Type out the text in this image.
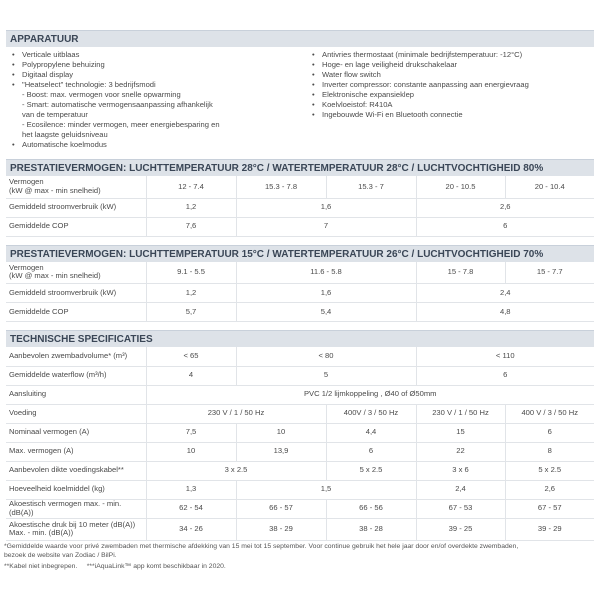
APPARATUUR
• Verticale uitblaas
• Polypropylene behuizing
• Digitaal display
• "Heatselect" technologie: 3 bedrijfsmodi
- Boost: max. vermogen voor snelle opwarming
- Smart: automatische vermogensaanpassing afhankelijk
van de temperatuur
- Ecosilence: minder vermogen, meer energiebesparing en
het laagste geluidsniveau
• Automatische koelmodus
• Antivries thermostaat (minimale bedrijfstemperatuur: -12°C)
• Hoge- en lage veiligheid drukschakelaar
• Water flow switch
• Inverter compressor: constante aanpassing aan energievraag
• Elektronische expansieklep
• Koelvloeistof: R410A
• Ingebouwde Wi-Fi en Bluetooth connectie
PRESTATIEVERMOGEN: LUCHTTEMPERATUUR 28°C / WATERTEMPERATUUR 28°C / LUCHTVOCHTIGHEID 80%
Vermogen
(kW @ max - min snelheid)	12 - 7.4	15.3 - 7.8	15.3 - 7	20 - 10.5	20 - 10.4
Gemiddeld stroomverbruik (kW)	1,2	1,6		2,6	
Gemiddelde COP	7,6	7		6	
PRESTATIEVERMOGEN: LUCHTTEMPERATUUR 15°C / WATERTEMPERATUUR 26°C / LUCHTVOCHTIGHEID 70%
Vermogen
(kW @ max - min snelheid)	9.1 - 5.5	11.6 - 5.8	15 - 7.8	15 - 7.7
Gemiddeld stroomverbruik (kW)	1,2	1,6	2,4	
Gemiddelde COP	5,7	5,4	4,8	
TECHNISCHE SPECIFICATIES
Aanbevolen zwembadvolume* (m³)	< 65	< 80		< 110	
Gemiddelde waterflow (m³/h)	4	5		6	
Aansluiting	PVC 1/2 lijmkoppeling , Ø40 of Ø50mm				
Voeding	230 V / 1 / 50 Hz		400V / 3 / 50 Hz	230 V / 1 / 50 Hz	400 V / 3 / 50 Hz
Nominaal vermogen (A)	7,5	10	4,4	15	6
Max. vermogen (A)	10	13,9	6	22	8
Aanbevolen dikte voedingskabel**	3 x 2.5		5 x 2.5	3 x 6	5 x 2.5
Hoeveelheid koelmiddel (kg)	1,3	1,5		2,4	2,6
Akoestisch vermogen max. - min. (dB(A))	62 - 54	66 - 57	66 - 56	67 - 53	67 - 57
Akoestische druk bij 10 meter (dB(A))
Max. - min. (dB(A))	34 - 26	38 - 29	38 - 28	39 - 25	39 - 29

*Gemiddelde waarde voor privé zwembaden met thermische afdekking van 15 mei tot 15 september. Voor continue gebruik het hele jaar door en/of overdekte zwembaden,
bezoek de website van Zodiac / BilPi.

**Kabel niet inbegrepen. ***iAquaLink™ app komt beschikbaar in 2020.
